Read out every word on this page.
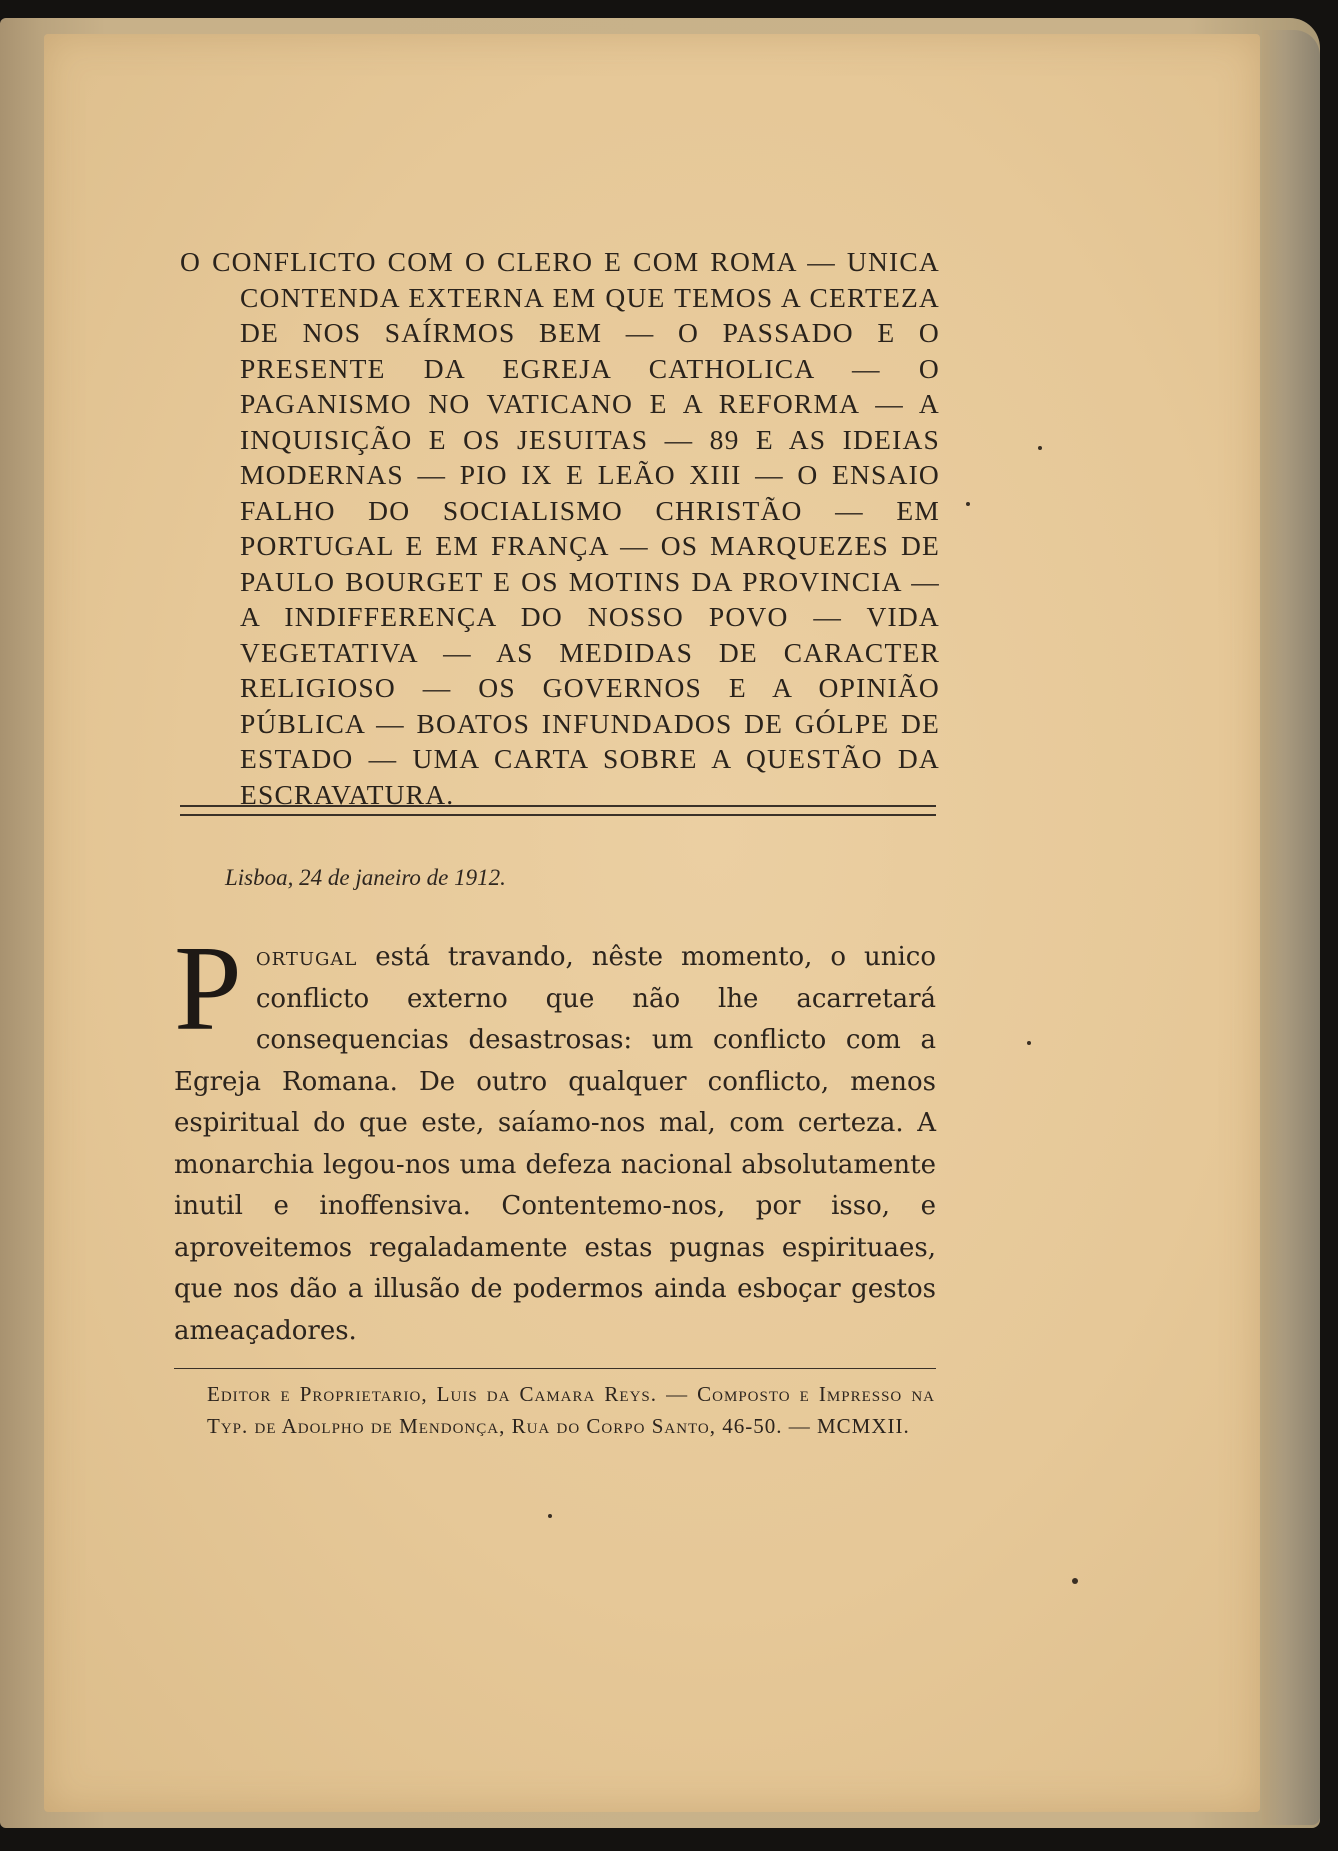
O CONFLICTO COM O CLERO E COM ROMA — UNICA CONTENDA EXTERNA EM QUE TEMOS A CERTEZA DE NOS SAÍRMOS BEM — O PASSADO E O PRESENTE DA EGREJA CATHOLICA — O PAGANISMO NO VATICANO E A REFORMA — A INQUISIÇÃO E OS JESUITAS — 89 E AS IDEIAS MODERNAS — PIO IX E LEÃO XIII — O ENSAIO FALHO DO SOCIALISMO CHRISTÃO — EM PORTUGAL E EM FRANÇA — OS MARQUEZES DE PAULO BOURGET E OS MOTINS DA PROVINCIA — A INDIFFERENÇA DO NOSSO POVO — VIDA VEGETATIVA — AS MEDIDAS DE CARACTER RELIGIOSO — OS GOVERNOS E A OPINIÃO PÚBLICA — BOATOS INFUNDADOS DE GÓLPE DE ESTADO — UMA CARTA SOBRE A QUESTÃO DA ESCRAVATURA.

Lisboa, 24 de janeiro de 1912.
Portugal está travando, nêste momento, o unico conflicto externo que não lhe acarretará consequencias desastrosas: um conflicto com a Egreja Romana. De outro qualquer conflicto, menos espiritual do que este, saíamo-nos mal, com certeza. A monarchia legou-nos uma defeza nacional absolutamente inutil e inoffensiva. Contentemo-nos, por isso, e aproveitemos regaladamente estas pugnas espirituaes, que nos dão a illusão de podermos ainda esboçar gestos ameaçadores.

Editor e Proprietario, Luis da Camara Reys. — Composto e Impresso na Typ. de Adolpho de Mendonça, Rua do Corpo Santo, 46-50. — MCMXII.
